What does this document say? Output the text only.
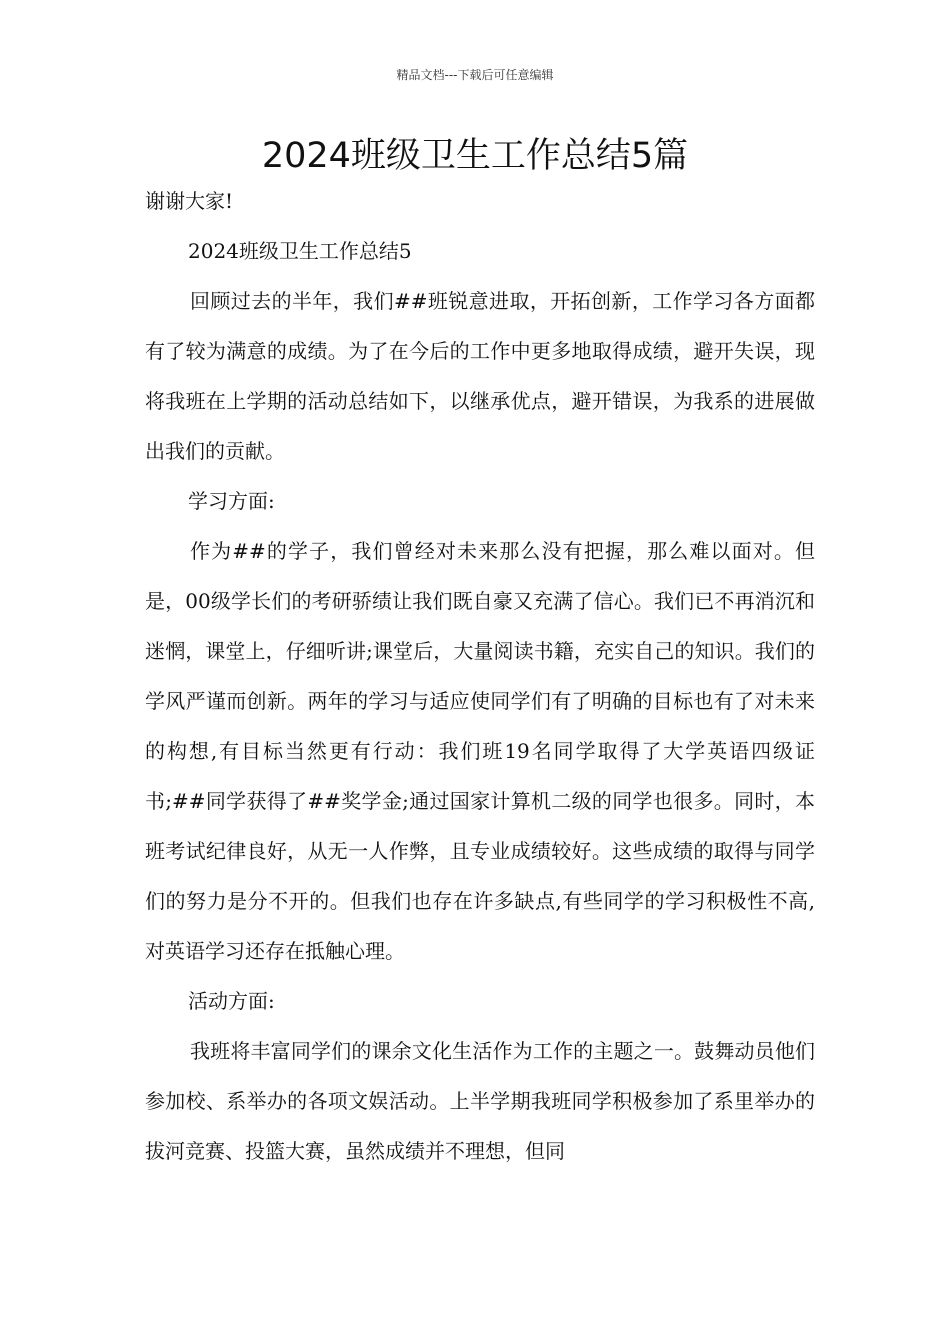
精品文档---下载后可任意编辑
2024班级卫生工作总结5篇

谢谢大家!

2024班级卫生工作总结5

回顾过去的半年，我们##班锐意进取，开拓创新，工作学习各方面都有了较为满意的成绩。为了在今后的工作中更多地取得成绩，避开失误，现将我班在上学期的活动总结如下，以继承优点，避开错误，为我系的进展做出我们的贡献。

学习方面:

作为##的学子，我们曾经对未来那么没有把握，那么难以面对。但是，00级学长们的考研骄绩让我们既自豪又充满了信心。我们已不再消沉和迷惘，课堂上，仔细听讲;课堂后，大量阅读书籍，充实自己的知识。我们的学风严谨而创新。两年的学习与适应使同学们有了明确的目标也有了对未来的构想,有目标当然更有行动：我们班19名同学取得了大学英语四级证书;##同学获得了##奖学金;通过国家计算机二级的同学也很多。同时，本班考试纪律良好，从无一人作弊，且专业成绩较好。这些成绩的取得与同学们的努力是分不开的。但我们也存在许多缺点,有些同学的学习积极性不高,对英语学习还存在抵触心理。

活动方面:

我班将丰富同学们的课余文化生活作为工作的主题之一。鼓舞动员他们参加校、系举办的各项文娱活动。上半学期我班同学积极参加了系里举办的拔河竞赛、投篮大赛，虽然成绩并不理想，但同
